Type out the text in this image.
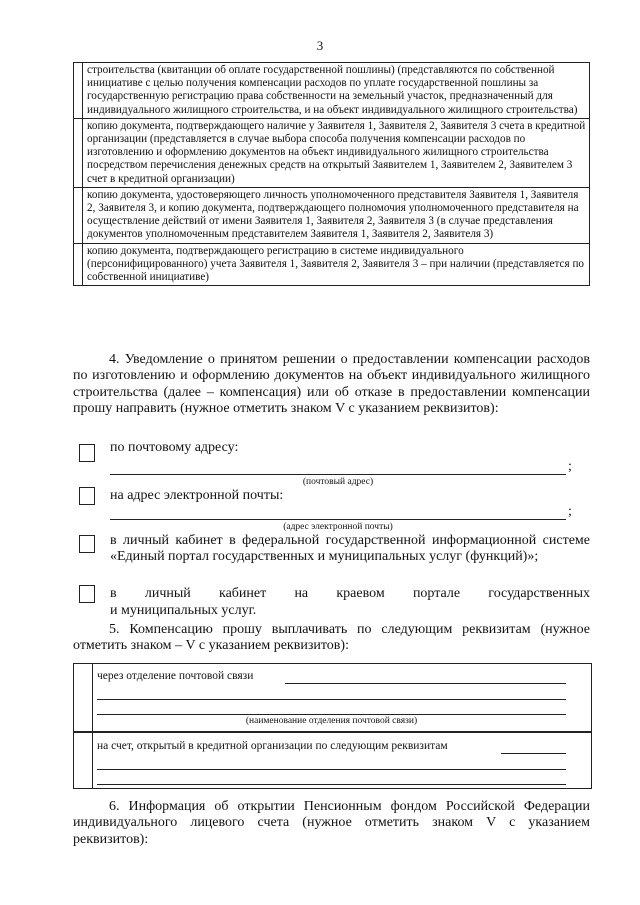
3
	строительства (квитанции об оплате государственной пошлины) (представляются по собственной инициативе с целью получения компенсации расходов по уплате государственной пошлины за государственную регистрацию права собственности на земельный участок, предназначенный для индивидуального жилищного строительства, и на объект индивидуального жилищного строительства)
	копию документа, подтверждающего наличие у Заявителя 1, Заявителя 2, Заявителя 3 счета в кредитной организации (представляется в случае выбора способа получения компенсации расходов по изготовлению и оформлению документов на объект индивидуального жилищного строительства посредством перечисления денежных средств на открытый Заявителем 1, Заявителем 2, Заявителем 3 счет в кредитной организации)
	копию документа, удостоверяющего личность уполномоченного представителя Заявителя 1, Заявителя 2, Заявителя 3, и копию документа, подтверждающего полномочия уполномоченного представителя на осуществление действий от имени Заявителя 1, Заявителя 2, Заявителя 3 (в случае представления документов уполномоченным представителем Заявителя 1, Заявителя 2, Заявителя 3)
	копию документа, подтверждающего регистрацию в системе индивидуального (персонифицированного) учета Заявителя 1, Заявителя 2, Заявителя 3 – при наличии (представляется по собственной инициативе)
4. Уведомление о принятом решении о предоставлении компенсации расходов по изготовлению и оформлению документов на объект индивидуального жилищного строительства (далее – компенсация) или об отказе в предоставлении компенсации прошу направить (нужное отметить знаком V с указанием реквизитов):
по почтовому адресу:
;
(почтовый адрес)
на адрес электронной почты:
;
(адрес электронной почты)
в личный кабинет в федеральной государственной информационной системе «Единый портал государственных и муниципальных услуг (функций)»;
в личный кабинет на краевом портале государственных
и муниципальных услуг.
5. Компенсацию прошу выплачивать по следующим реквизитам (нужное отметить знаком – V с указанием реквизитов):
через отделение почтовой связи
(наименование отделения почтовой связи)
на счет, открытый в кредитной организации по следующим реквизитам
6. Информация об открытии Пенсионным фондом Российской Федерации индивидуального лицевого счета (нужное отметить знаком V с указанием реквизитов):
